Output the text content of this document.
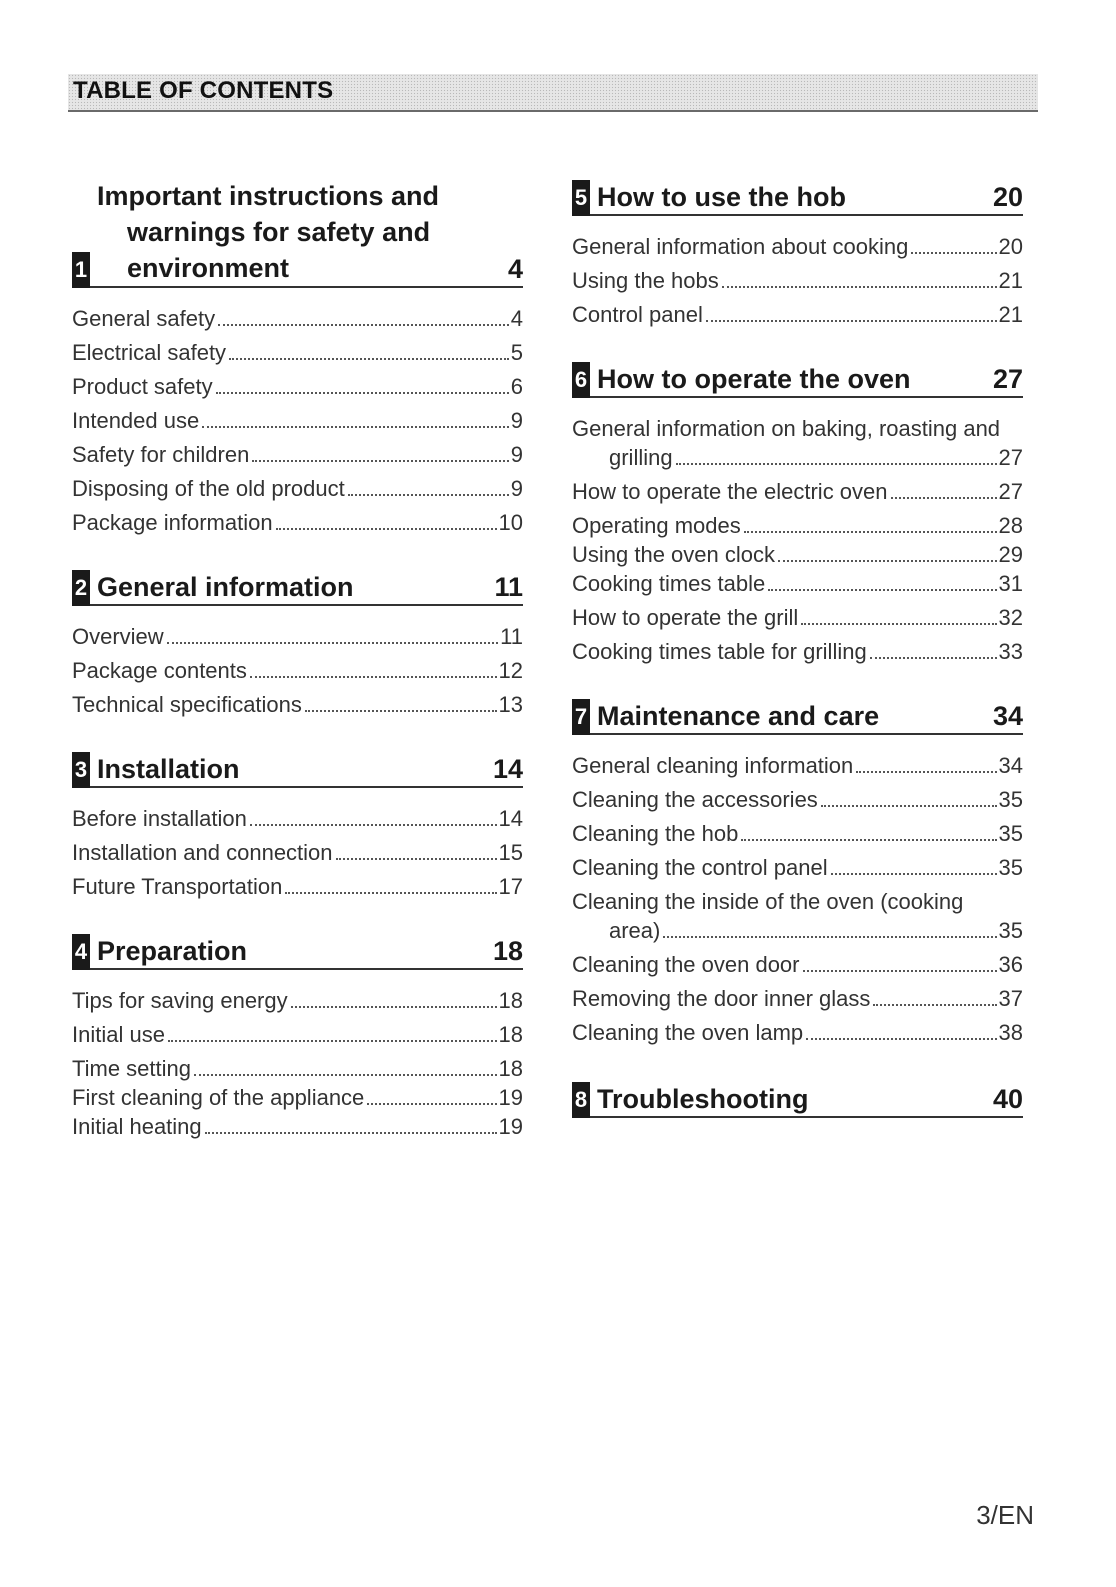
TABLE OF CONTENTS
1
Important instructions and
warnings for safety and
environment	4
General safety	4
Electrical safety	5
Product safety	6
Intended use	9
Safety for children	9
Disposing of the old product	9
Package information	10
2 General information	11
Overview	11
Package contents	12
Technical specifications	13
3 Installation	14
Before installation	14
Installation and connection	15
Future Transportation	17
4 Preparation	18
Tips for saving energy	18
Initial use	18
Time setting	18
First cleaning of the appliance	19
Initial heating	19
5 How to use the hob	20
General information about cooking	20
Using the hobs	21
Control panel	21
6 How to operate the oven	27
General information on baking, roasting and
grilling	27
How to operate the electric oven	27
Operating modes	28
Using the oven clock	29
Cooking times table	31
How to operate the grill	32
Cooking times table for grilling	33
7 Maintenance and care	34
General cleaning information	34
Cleaning the accessories	35
Cleaning the hob	35
Cleaning the control panel	35
Cleaning the inside of the oven (cooking
area)	35
Cleaning the oven door	36
Removing the door inner glass	37
Cleaning the oven lamp	38
8 Troubleshooting	40
3/EN
